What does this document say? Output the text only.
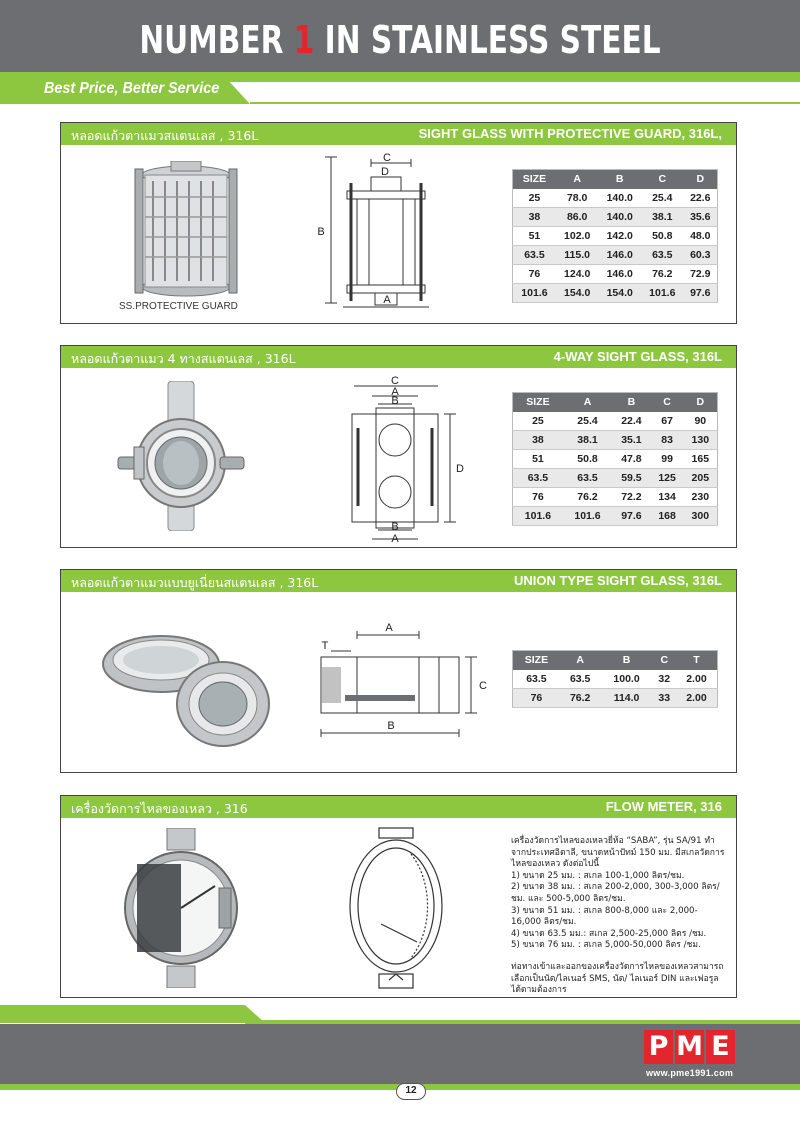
NUMBER 1 IN STAINLESS STEEL
Best Price, Better Service
หลอดแก้วตาแมวสแตนเลส , 316L	SIGHT GLASS WITH PROTECTIVE GUARD, 316L,
SS.PROTECTIVE GUARD
C
D
B
A
SIZE	A	B	C	D
25	78.0	140.0	25.4	22.6
38	86.0	140.0	38.1	35.6
51	102.0	142.0	50.8	48.0
63.5	115.0	146.0	63.5	60.3
76	124.0	146.0	76.2	72.9
101.6	154.0	154.0	101.6	97.6
หลอดแก้วตาแมว 4 ทางสแตนเลส , 316L	4-WAY SIGHT GLASS, 316L
C
A
B
D
B
A
SIZE	A	B	C	D
25	25.4	22.4	67	90
38	38.1	35.1	83	130
51	50.8	47.8	99	165
63.5	63.5	59.5	125	205
76	76.2	72.2	134	230
101.6	101.6	97.6	168	300
หลอดแก้วตาแมวแบบยูเนี่ยนสแตนเลส , 316L	UNION TYPE SIGHT GLASS, 316L
A
T
C
B
SIZE	A	B	C	T
63.5	63.5	100.0	32	2.00
76	76.2	114.0	33	2.00
เครื่องวัดการไหลของเหลว , 316	FLOW METER, 316

เครื่องวัดการไหลของเหลวยี่ห้อ “SABA”, รุ่น SA/91 ทำจากประเทศอิตาลี, ขนาดหน้าปัทม์ 150 มม. มีสเกลวัดการไหลของเหลว ดังต่อไปนี้

1) ขนาด 25 มม. : สเกล 100-1,000 ลิตร/ชม.

2) ขนาด 38 มม. : สเกล 200-2,000, 300-3,000 ลิตร/ชม. และ 500-5,000 ลิตร/ชม.

3) ขนาด 51 มม. : สเกล 800-8,000 และ 2,000-16,000 ลิตร/ชม.

4) ขนาด 63.5 มม.: สเกล 2,500-25,000 ลิตร /ชม.

5) ขนาด 76 มม. : สเกล 5,000-50,000 ลิตร /ชม.

ท่อทางเข้าและออกของเครื่องวัดการไหลของเหลวสามารถเลือกเป็นนัต/ไลเนอร์ SMS, นัต/ ไลเนอร์ DIN และเฟอรูลได้ตามต้องการ

P M E
www.pme1991.com
12
